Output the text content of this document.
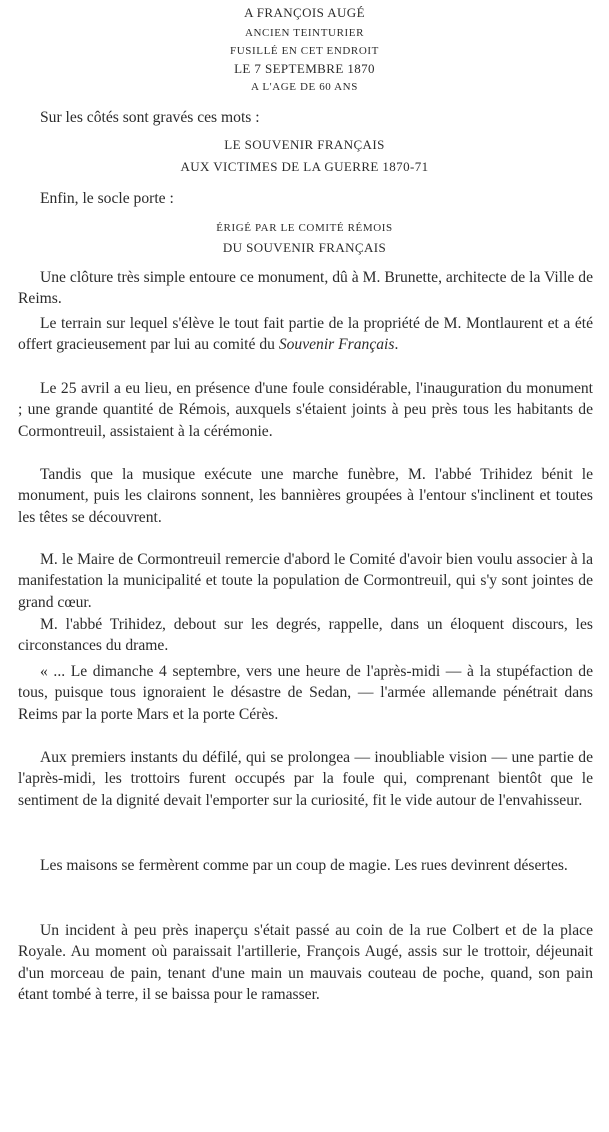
A FRANÇOIS AUGÉ
ANCIEN TEINTURIER
FUSILLÉ EN CET ENDROIT
LE 7 SEPTEMBRE 1870
A L'AGE DE 60 ANS
Sur les côtés sont gravés ces mots :
LE SOUVENIR FRANÇAIS
AUX VICTIMES DE LA GUERRE 1870-71
Enfin, le socle porte :
ÉRIGÉ PAR LE COMITÉ RÉMOIS
DU SOUVENIR FRANÇAIS

Une clôture très simple entoure ce monument, dû à M. Brunette, architecte de la Ville de Reims.

Le terrain sur lequel s'élève le tout fait partie de la propriété de M. Montlaurent et a été offert gracieusement par lui au comité du Souvenir Français.

Le 25 avril a eu lieu, en présence d'une foule considérable, l'inauguration du monument ; une grande quantité de Rémois, auxquels s'étaient joints à peu près tous les habitants de Cormontreuil, assistaient à la cérémonie.

Tandis que la musique exécute une marche funèbre, M. l'abbé Trihidez bénit le monument, puis les clairons sonnent, les bannières groupées à l'entour s'inclinent et toutes les têtes se découvrent.

M. le Maire de Cormontreuil remercie d'abord le Comité d'avoir bien voulu associer à la manifestation la municipalité et toute la population de Cormontreuil, qui s'y sont jointes de grand cœur.

M. l'abbé Trihidez, debout sur les degrés, rappelle, dans un éloquent discours, les circonstances du drame.

« ... Le dimanche 4 septembre, vers une heure de l'après-midi — à la stupéfaction de tous, puisque tous ignoraient le désastre de Sedan, — l'armée allemande pénétrait dans Reims par la porte Mars et la porte Cérès.

Aux premiers instants du défilé, qui se prolongea — inoubliable vision — une partie de l'après-midi, les trottoirs furent occupés par la foule qui, comprenant bientôt que le sentiment de la dignité devait l'emporter sur la curiosité, fit le vide autour de l'envahisseur.

Les maisons se fermèrent comme par un coup de magie. Les rues devinrent désertes.

Un incident à peu près inaperçu s'était passé au coin de la rue Colbert et de la place Royale. Au moment où paraissait l'artillerie, François Augé, assis sur le trottoir, déjeunait d'un morceau de pain, tenant d'une main un mauvais couteau de poche, quand, son pain étant tombé à terre, il se baissa pour le ramasser.
